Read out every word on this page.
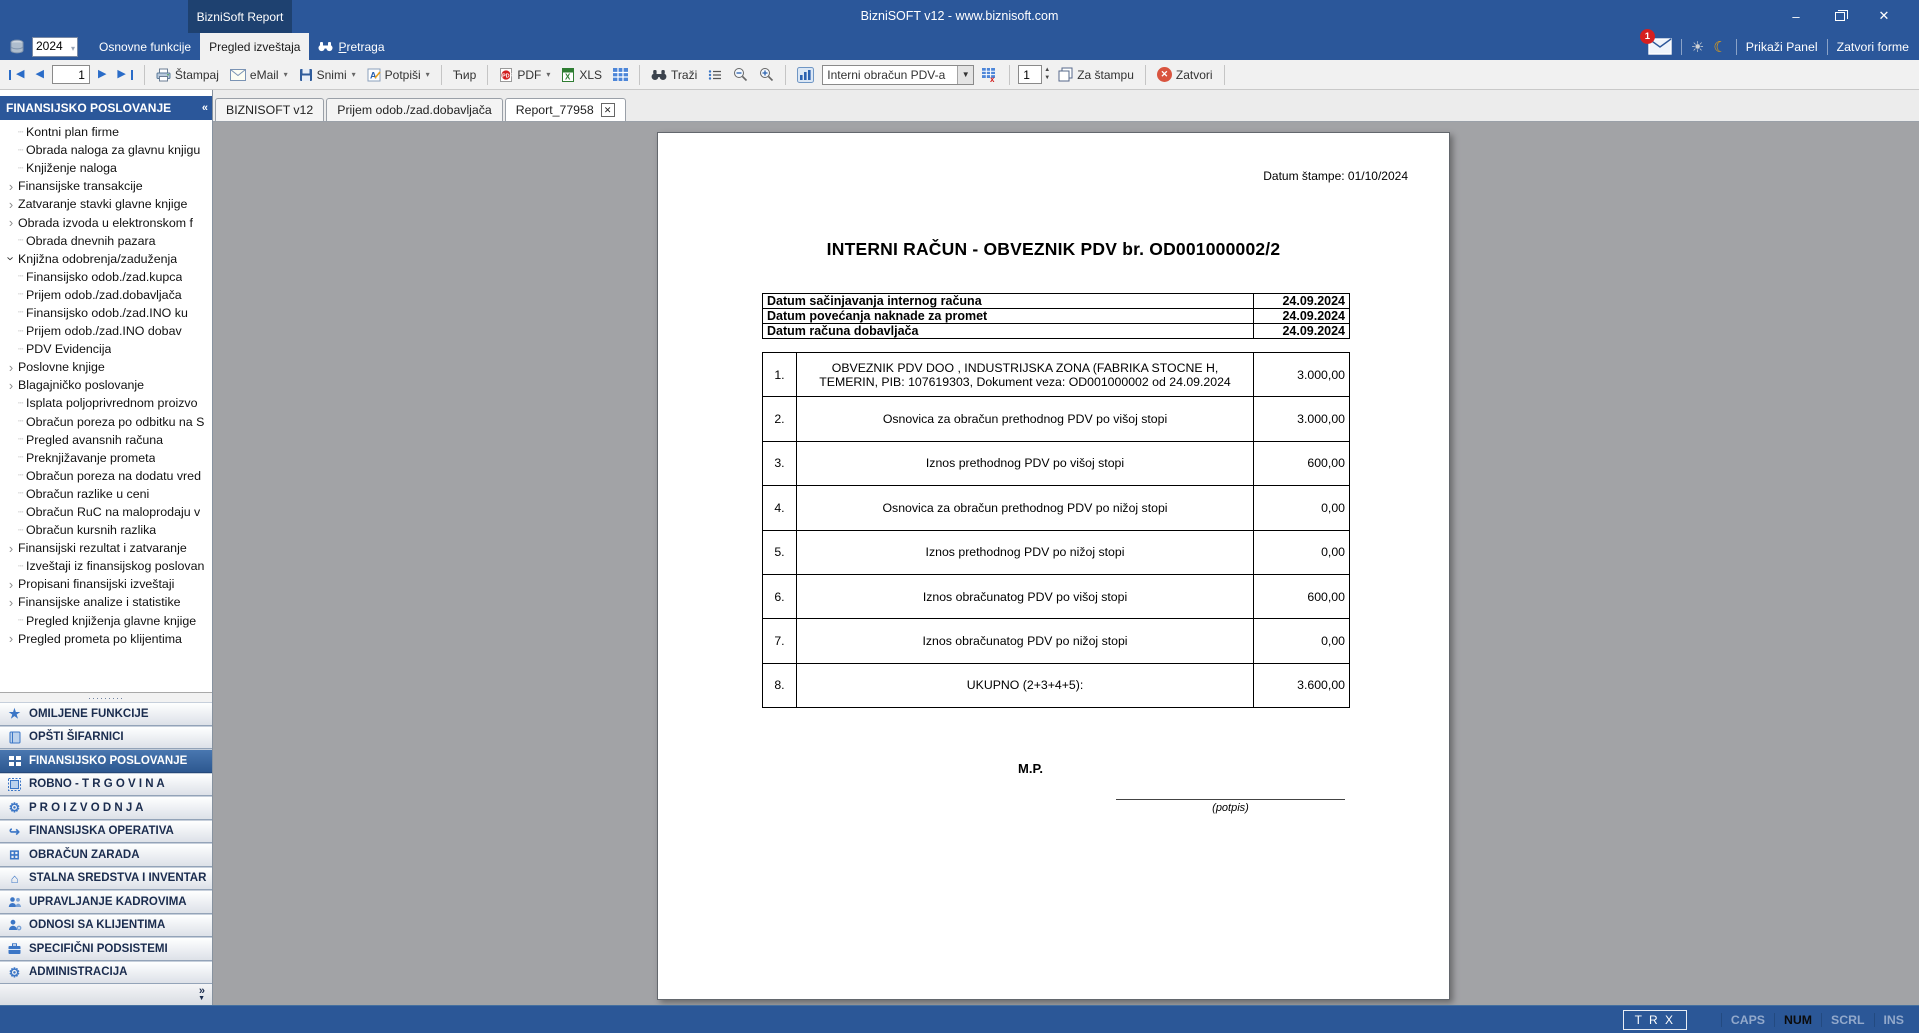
BizniSOFT v12 - www.biznisoft.com
BizniSoft Report	–	✕
2024
▾ Osnovne funkcije Pregled izveštaja	Pretraga
1
☀ ☾ Prikaži Panel Zatvori forme
◀ ◀
1	▶ ▶	Štampaj	eMail ▾ Snimi ▾ A Potpiši ▾ Ћир	PDF PDF ▾ X XLS	Traži	Interni obračun PDV-a	▼	x
1
▲
▼ Za štampu	✕ Zatvori
FINANSIJSKO POSLOVANJE	«
┄ Kontni plan firme
┄ Obrada naloga za glavnu knjigu
┄ Knjiženje naloga
› Finansijske transakcije
› Zatvaranje stavki glavne knjige
› Obrada izvoda u elektronskom f
┄ Obrada dnevnih pazara
› Knjižna odobrenja/zaduženja
┄ Finansijsko odob./zad.kupca
┄ Prijem odob./zad.dobavljača
┄ Finansijsko odob./zad.INO ku
┄ Prijem odob./zad.INO dobav
┄ PDV Evidencija
› Poslovne knjige
› Blagajničko poslovanje
┄ Isplata poljoprivrednom proizvo
┄ Obračun poreza po odbitku na S
┄ Pregled avansnih računa
┄ Preknjižavanje prometa
┄ Obračun poreza na dodatu vred
┄ Obračun razlike u ceni
┄ Obračun RuC na maloprodaju v
┄ Obračun kursnih razlika
› Finansijski rezultat i zatvaranje
┄ Izveštaji iz finansijskog poslovan
› Propisani finansijski izveštaji
› Finansijske analize i statistike
┄ Pregled knjiženja glavne knjige
› Pregled prometa po klijentima
·········
★ OMILJENE FUNKCIJE
OPŠTI ŠIFARNICI
FINANSIJSKO POSLOVANJE
ROBNO - T R G O V I N A
⚙ P R O I Z V O D N J A
↪ FINANSIJSKA OPERATIVA
⊞ OBRAČUN ZARADA
⌂ STALNA SREDSTVA I INVENTAR
UPRAVLJANJE KADROVIMA
ODNOSI SA KLIJENTIMA
SPECIFIČNI PODSISTEMI
⚙ ADMINISTRACIJA
»
▼
BIZNISOFT v12 Prijem odob./zad.dobavljača Report_77958	✕
Datum štampe: 01/10/2024
INTERNI RAČUN - OBVEZNIK PDV br. OD001000002/2
Datum sačinjavanja internog računa	24.09.2024
Datum povećanja naknade za promet	24.09.2024
Datum računa dobavljača	24.09.2024
1.	OBVEZNIK PDV DOO , INDUSTRIJSKA ZONA (FABRIKA STOCNE H, TEMERIN, PIB: 107619303, Dokument veza: OD001000002 od 24.09.2024	3.000,00
2.	Osnovica za obračun prethodnog PDV po višoj stopi	3.000,00
3.	Iznos prethodnog PDV po višoj stopi	600,00
4.	Osnovica za obračun prethodnog PDV po nižoj stopi	0,00
5.	Iznos prethodnog PDV po nižoj stopi	0,00
6.	Iznos obračunatog PDV po višoj stopi	600,00
7.	Iznos obračunatog PDV po nižoj stopi	0,00
8.	UKUPNO (2+3+4+5):	3.600,00
M.P.
(potpis)
T R X	CAPS	NUM	SCRL	INS
